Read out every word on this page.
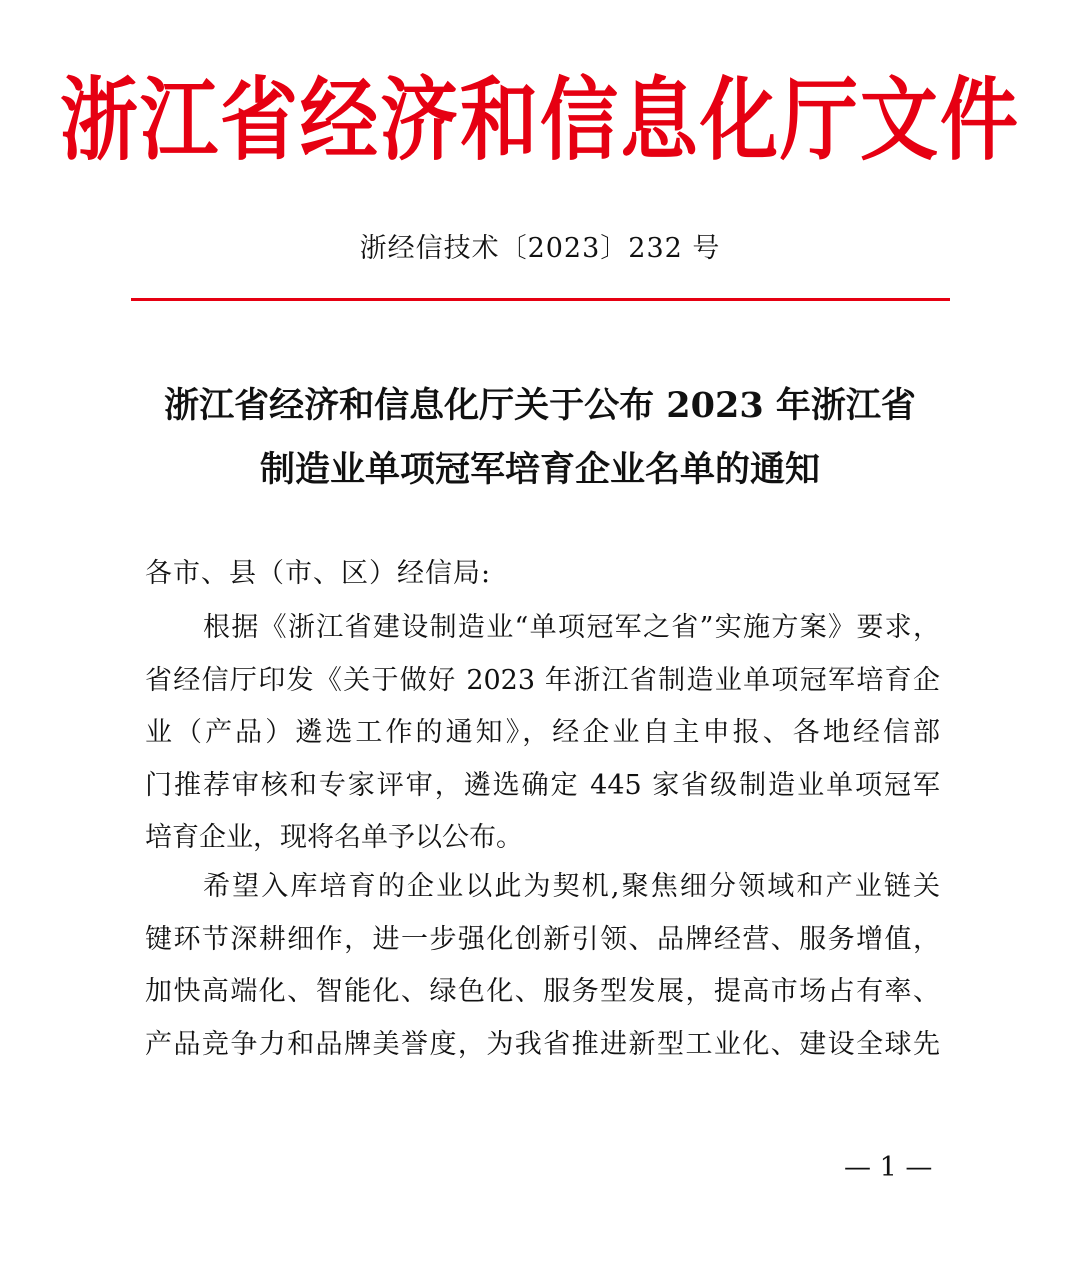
浙江省经济和信息化厅文件
浙经信技术〔2023〕232 号
浙江省经济和信息化厅关于公布 2023 年浙江省
制造业单项冠军培育企业名单的通知
各市、县（市、区）经信局:
根据《浙江省建设制造业“单项冠军之省”实施方案》要求，
省经信厅印发《关于做好 2023 年浙江省制造业单项冠军培育企
业（产品）遴选工作的通知》，经企业自主申报、各地经信部
门推荐审核和专家评审，遴选确定 445 家省级制造业单项冠军
培育企业，现将名单予以公布。
希望入库培育的企业以此为契机,聚焦细分领域和产业链关
键环节深耕细作，进一步强化创新引领、品牌经营、服务增值，
加快高端化、智能化、绿色化、服务型发展，提高市场占有率、
产品竞争力和品牌美誉度，为我省推进新型工业化、建设全球先
— 1 —
